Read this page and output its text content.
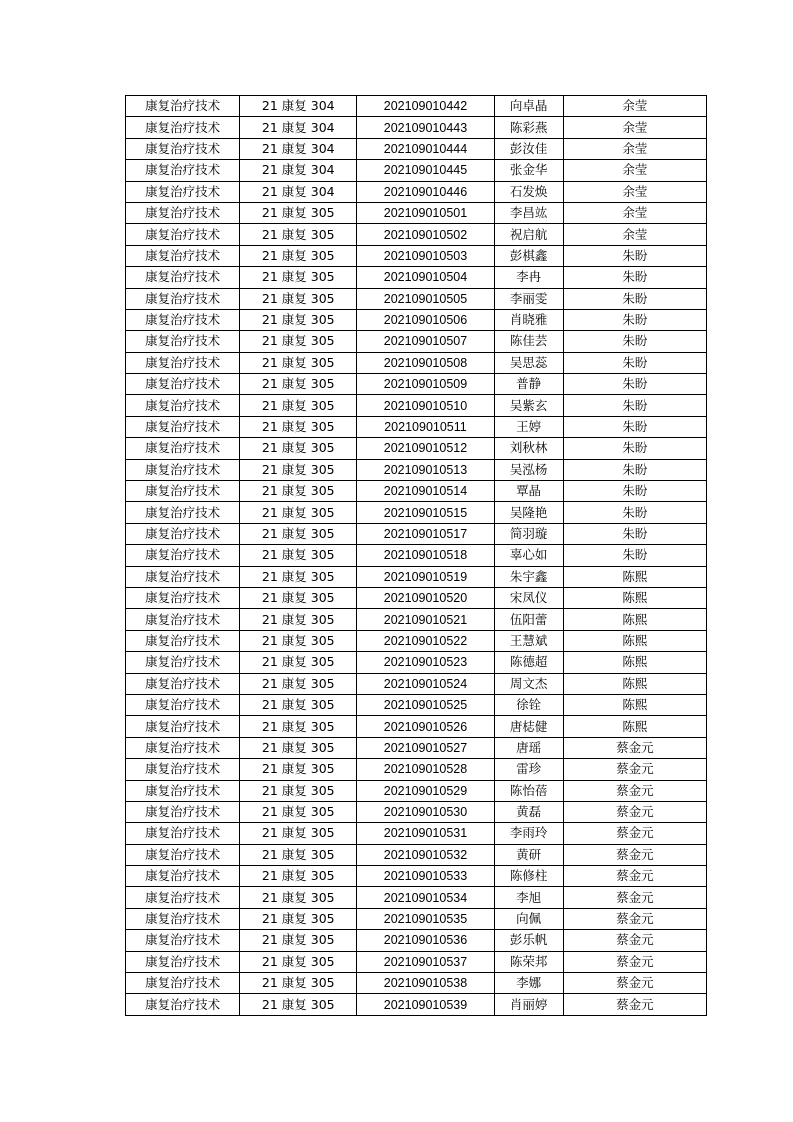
康复治疗技术	21 康复 304	202109010442	向卓晶	余莹
康复治疗技术	21 康复 304	202109010443	陈彩燕	余莹
康复治疗技术	21 康复 304	202109010444	彭汝佳	余莹
康复治疗技术	21 康复 304	202109010445	张金华	余莹
康复治疗技术	21 康复 304	202109010446	石发焕	余莹
康复治疗技术	21 康复 305	202109010501	李昌竑	余莹
康复治疗技术	21 康复 305	202109010502	祝启航	余莹
康复治疗技术	21 康复 305	202109010503	彭棋鑫	朱盼
康复治疗技术	21 康复 305	202109010504	李冉	朱盼
康复治疗技术	21 康复 305	202109010505	李丽雯	朱盼
康复治疗技术	21 康复 305	202109010506	肖晓雅	朱盼
康复治疗技术	21 康复 305	202109010507	陈佳芸	朱盼
康复治疗技术	21 康复 305	202109010508	吴思蕊	朱盼
康复治疗技术	21 康复 305	202109010509	普静	朱盼
康复治疗技术	21 康复 305	202109010510	吴紫玄	朱盼
康复治疗技术	21 康复 305	202109010511	王婷	朱盼
康复治疗技术	21 康复 305	202109010512	刘秋林	朱盼
康复治疗技术	21 康复 305	202109010513	吴泓杨	朱盼
康复治疗技术	21 康复 305	202109010514	覃晶	朱盼
康复治疗技术	21 康复 305	202109010515	吴隆艳	朱盼
康复治疗技术	21 康复 305	202109010517	简羽璇	朱盼
康复治疗技术	21 康复 305	202109010518	辜心如	朱盼
康复治疗技术	21 康复 305	202109010519	朱宇鑫	陈熙
康复治疗技术	21 康复 305	202109010520	宋凤仪	陈熙
康复治疗技术	21 康复 305	202109010521	伍阳蕾	陈熙
康复治疗技术	21 康复 305	202109010522	王慧斌	陈熙
康复治疗技术	21 康复 305	202109010523	陈德超	陈熙
康复治疗技术	21 康复 305	202109010524	周文杰	陈熙
康复治疗技术	21 康复 305	202109010525	徐铨	陈熙
康复治疗技术	21 康复 305	202109010526	唐梽健	陈熙
康复治疗技术	21 康复 305	202109010527	唐瑶	蔡金元
康复治疗技术	21 康复 305	202109010528	雷珍	蔡金元
康复治疗技术	21 康复 305	202109010529	陈怡蓓	蔡金元
康复治疗技术	21 康复 305	202109010530	黄磊	蔡金元
康复治疗技术	21 康复 305	202109010531	李雨玲	蔡金元
康复治疗技术	21 康复 305	202109010532	黄研	蔡金元
康复治疗技术	21 康复 305	202109010533	陈修柱	蔡金元
康复治疗技术	21 康复 305	202109010534	李旭	蔡金元
康复治疗技术	21 康复 305	202109010535	向佩	蔡金元
康复治疗技术	21 康复 305	202109010536	彭乐帆	蔡金元
康复治疗技术	21 康复 305	202109010537	陈荣邦	蔡金元
康复治疗技术	21 康复 305	202109010538	李娜	蔡金元
康复治疗技术	21 康复 305	202109010539	肖丽婷	蔡金元
